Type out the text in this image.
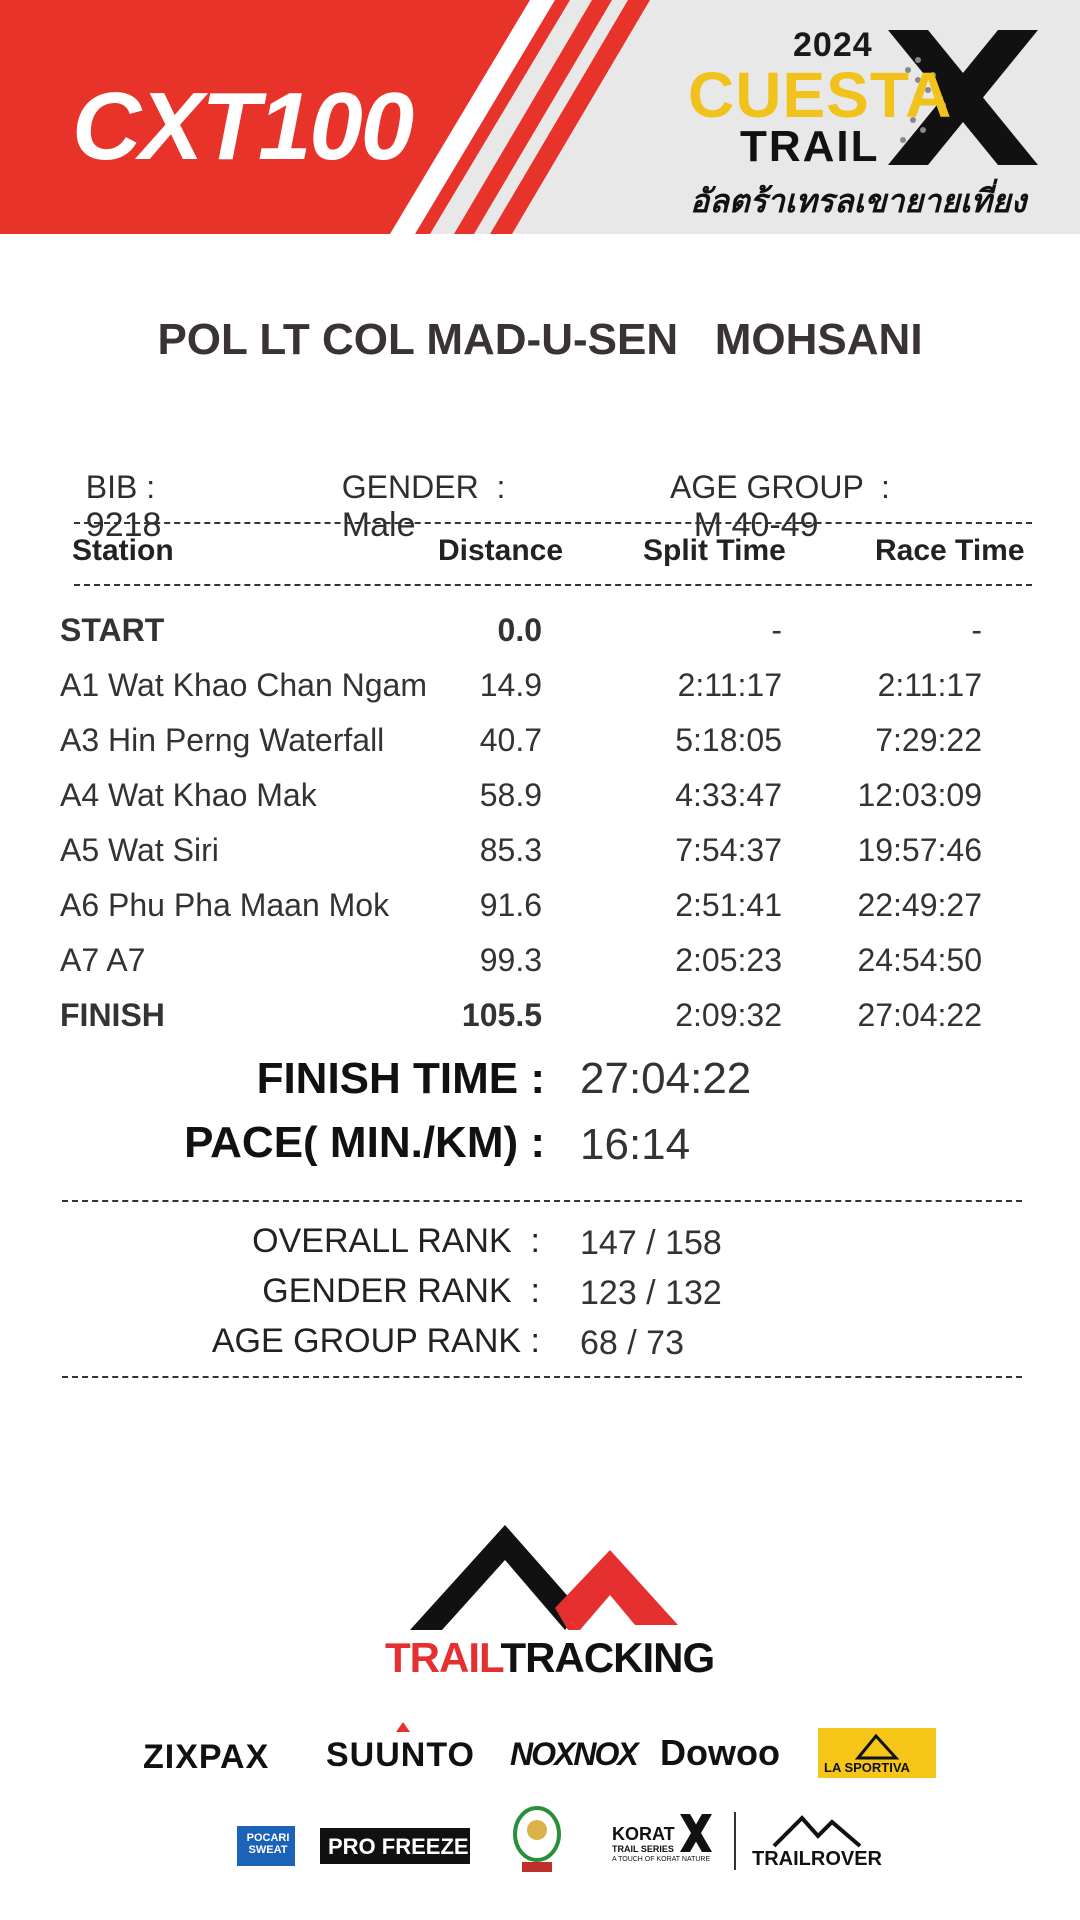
CXT100
2024
CUESTA
TRAIL
อัลตร้าเทรลเขายายเที่ยง
POL LT COL MAD-U-SEN   MOHSANI

BIB :
9218

GENDER  :
Male

AGE GROUP  :
M 40-49

Station	Distance	Split Time	Race Time
START	0.0	-	-
A1 Wat Khao Chan Ngam 14.9	2:11:17	2:11:17
A3 Hin Perng Waterfall	40.7	5:18:05	7:29:22
A4 Wat Khao Mak	58.9	4:33:47 12:03:09
A5 Wat Siri	85.3	7:54:37 19:57:46
A6 Phu Pha Maan Mok	91.6	2:51:41 22:49:27
A7 A7	99.3	2:05:23 24:54:50
FINISH	105.5	2:09:32 27:04:22
FINISH TIME : 27:04:22
PACE( MIN./KM) : 16:14
OVERALL RANK  : 147 / 158
GENDER RANK  : 123 / 132
AGE GROUP RANK : 68 / 73
TRAILTRACKING
ZIXPAX SUUNTO NOXNOX Dowoo	LA SPORTIVA
POCARI SWEAT	PRO FREEZE	KORAT
TRAIL SERIES
A TOUCH OF KORAT NATURE TRAILROVER
